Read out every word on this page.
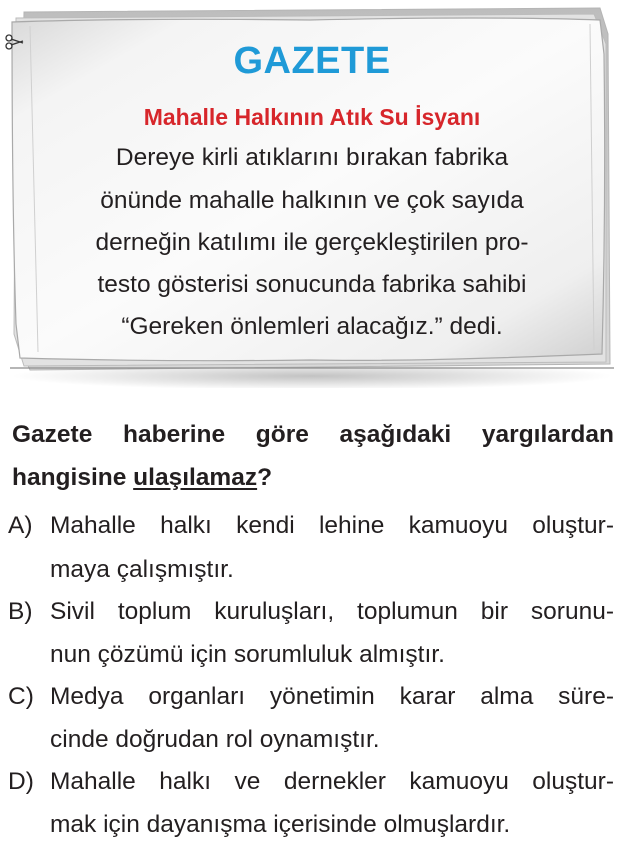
GAZETE
Mahalle Halkının Atık Su İsyanı
Dereye kirli atıklarını bırakan fabrika
önünde mahalle halkının ve çok sayıda
derneğin katılımı ile gerçekleştirilen pro-
testo gösterisi sonucunda fabrika sahibi
“Gereken önlemleri alacağız.” dedi.
Gazete haberine göre aşağıdaki yargılardan
hangisine ulaşılamaz?
A) Mahalle halkı kendi lehine kamuoyu oluştur-
maya çalışmıştır.
B) Sivil toplum kuruluşları, toplumun bir sorunu-
nun çözümü için sorumluluk almıştır.
C) Medya organları yönetimin karar alma süre-
cinde doğrudan rol oynamıştır.
D) Mahalle halkı ve dernekler kamuoyu oluştur-
mak için dayanışma içerisinde olmuşlardır.
